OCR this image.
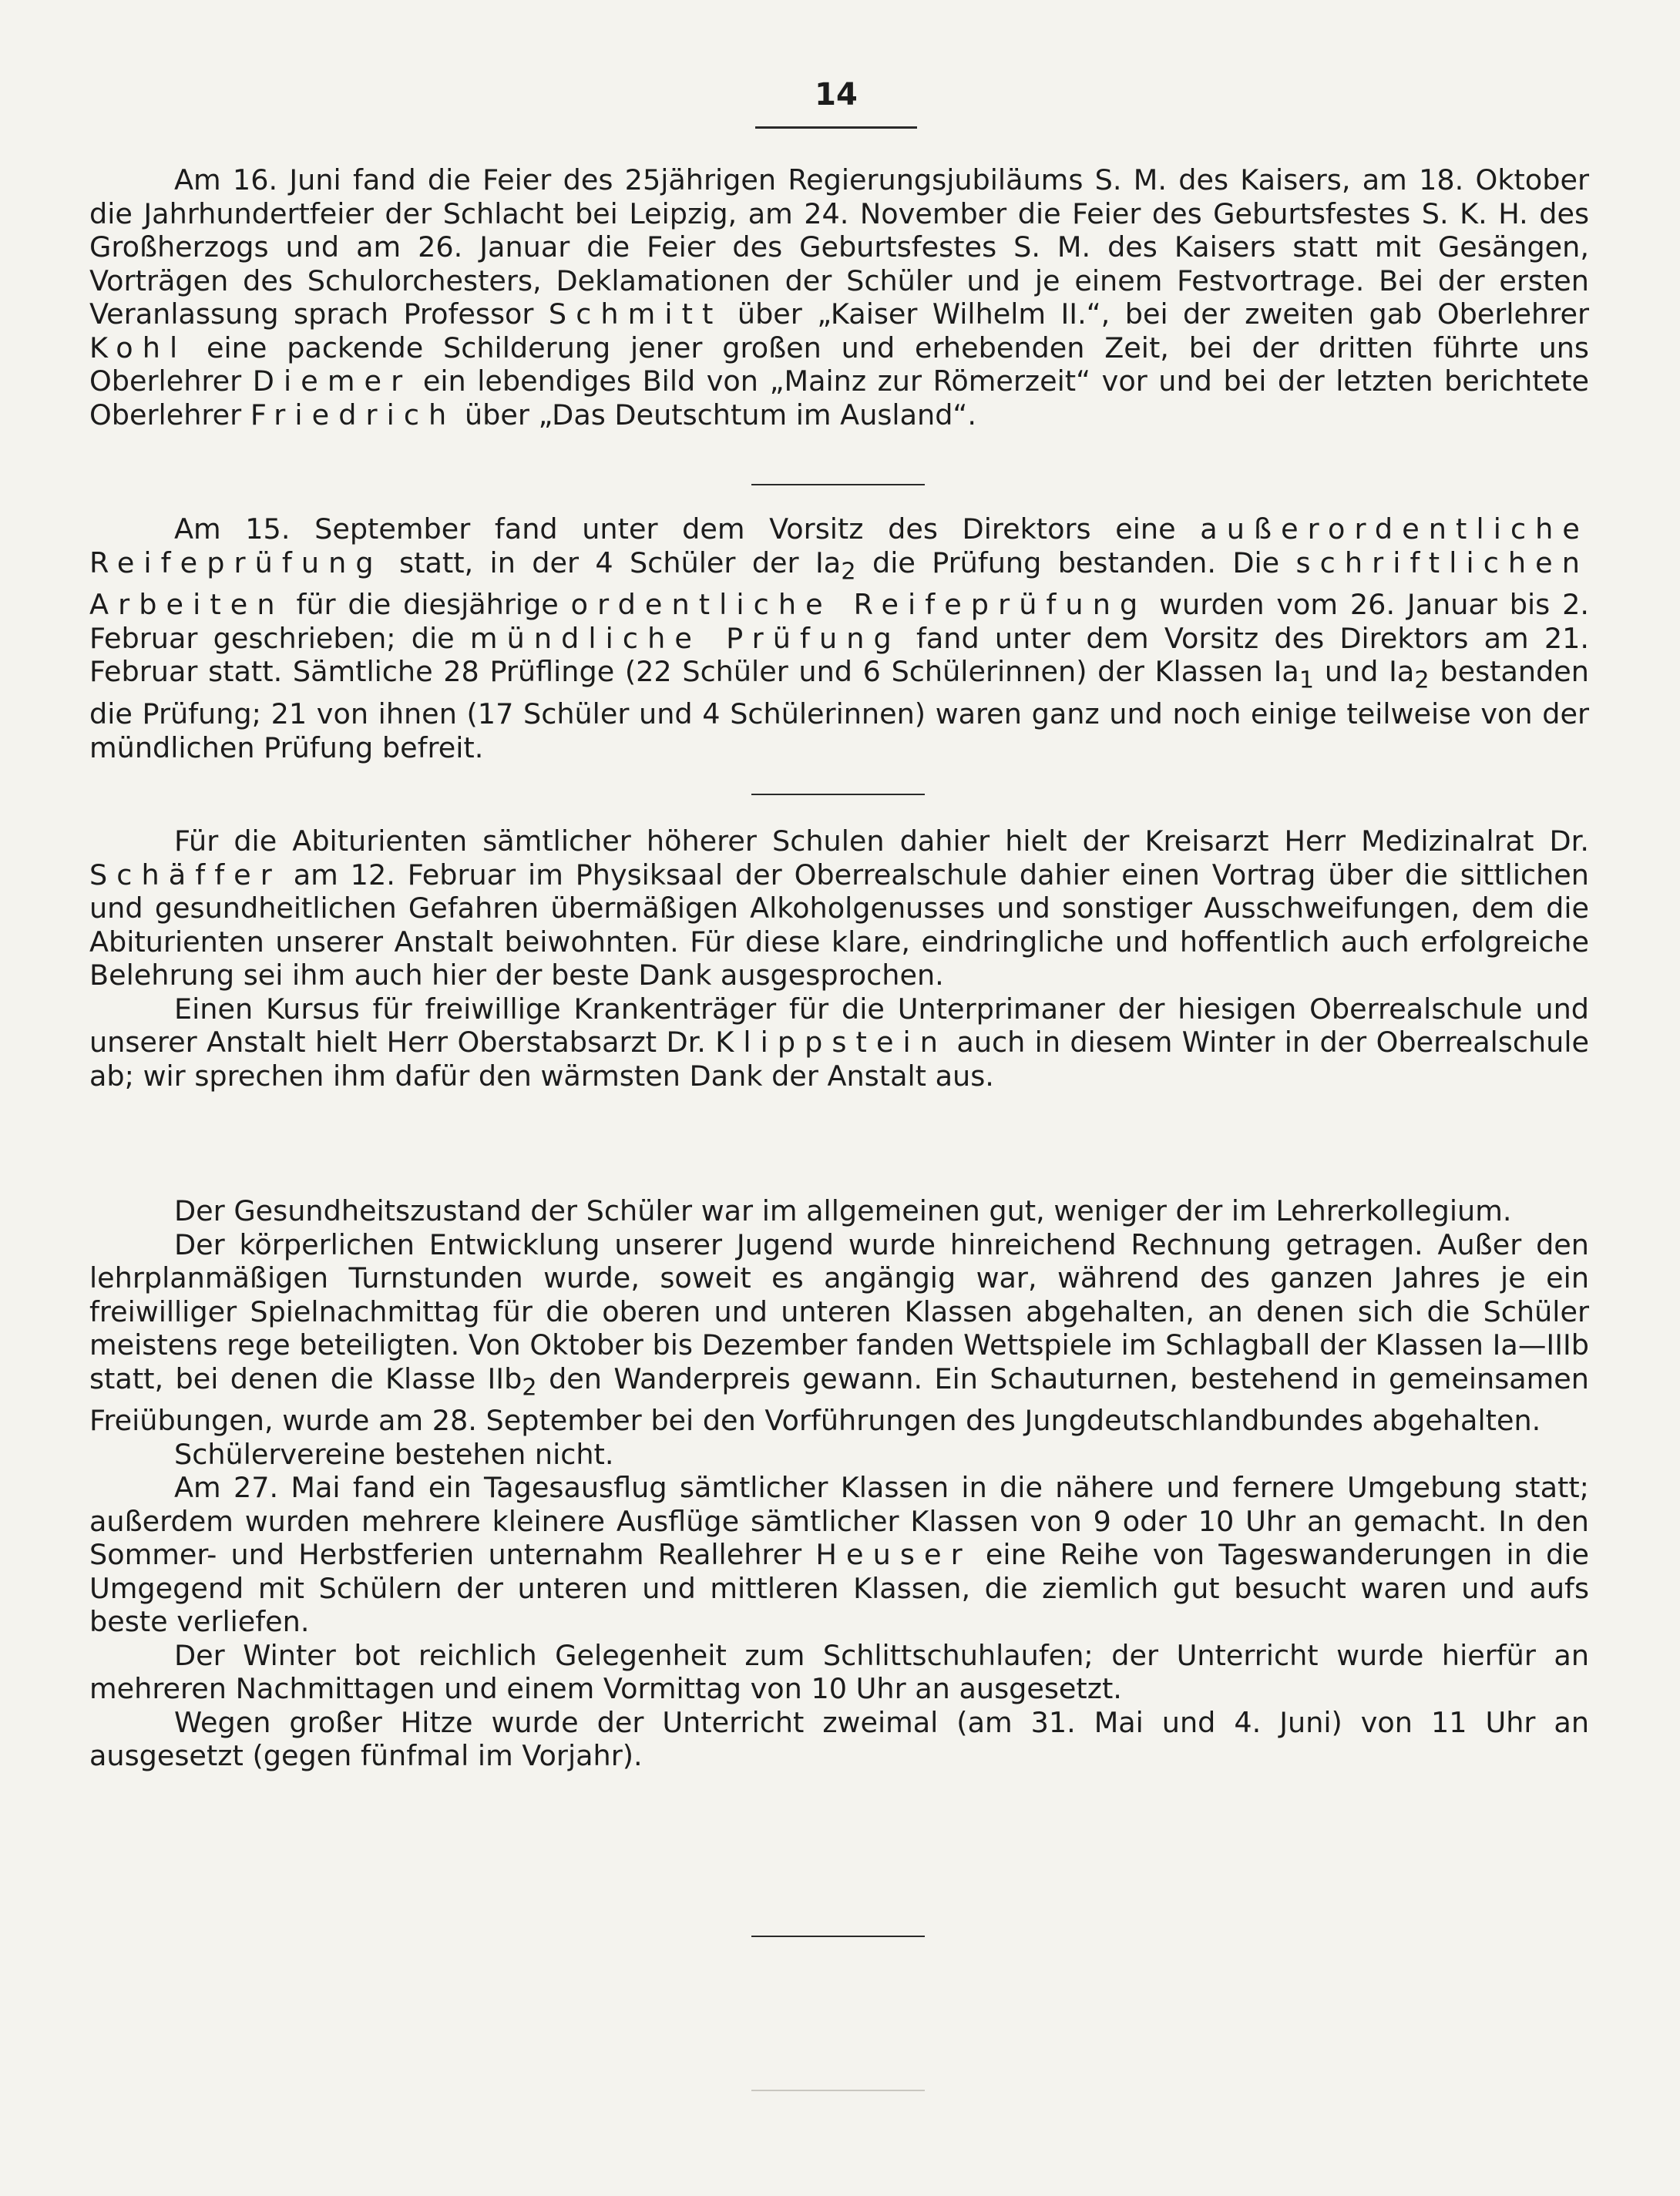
14

Am 16. Juni fand die Feier des 25jährigen Regierungsjubiläums S. M. des Kaisers, am 18. Oktober die Jahrhundertfeier der Schlacht bei Leipzig, am 24. November die Feier des Geburtsfestes S. K. H. des Großherzogs und am 26. Januar die Feier des Geburtsfestes S. M. des Kaisers statt mit Gesängen, Vorträgen des Schulorchesters, Deklamationen der Schüler und je einem Festvortrage. Bei der ersten Veranlassung sprach Professor Schmitt über „Kaiser Wilhelm II.“, bei der zweiten gab Oberlehrer Kohl eine packende Schilderung jener großen und erhebenden Zeit, bei der dritten führte uns Oberlehrer Diemer ein lebendiges Bild von „Mainz zur Römerzeit“ vor und bei der letzten berichtete Oberlehrer Friedrich über „Das Deutschtum im Ausland“.

Am 15. September fand unter dem Vorsitz des Direktors eine außerordentliche Reifeprüfung statt, in der 4 Schüler der $Ia_2$ die Prüfung bestanden. Die schriftlichen Arbeiten für die diesjährige ordentliche Reifeprüfung wurden vom 26. Januar bis 2. Februar geschrieben; die mündliche Prüfung fand unter dem Vorsitz des Direktors am 21. Februar statt. Sämtliche 28 Prüflinge (22 Schüler und 6 Schülerinnen) der Klassen $Ia_1$ und $Ia_2$ bestanden die Prüfung; 21 von ihnen (17 Schüler und 4 Schülerinnen) waren ganz und noch einige teilweise von der mündlichen Prüfung befreit.

Für die Abiturienten sämtlicher höherer Schulen dahier hielt der Kreisarzt Herr Medizinalrat Dr. Schäffer am 12. Februar im Physiksaal der Oberrealschule dahier einen Vortrag über die sittlichen und gesundheitlichen Gefahren übermäßigen Alkoholgenusses und sonstiger Ausschweifungen, dem die Abiturienten unserer Anstalt beiwohnten. Für diese klare, eindringliche und hoffentlich auch erfolgreiche Belehrung sei ihm auch hier der beste Dank ausgesprochen.

Einen Kursus für freiwillige Krankenträger für die Unterprimaner der hiesigen Oberrealschule und unserer Anstalt hielt Herr Oberstabsarzt Dr. Klippstein auch in diesem Winter in der Oberrealschule ab; wir sprechen ihm dafür den wärmsten Dank der Anstalt aus.

Der Gesundheitszustand der Schüler war im allgemeinen gut, weniger der im Lehrerkollegium.

Der körperlichen Entwicklung unserer Jugend wurde hinreichend Rechnung getragen. Außer den lehrplanmäßigen Turnstunden wurde, soweit es angängig war, während des ganzen Jahres je ein freiwilliger Spielnachmittag für die oberen und unteren Klassen abgehalten, an denen sich die Schüler meistens rege beteiligten. Von Oktober bis Dezember fanden Wettspiele im Schlagball der Klassen Ia—IIIb statt, bei denen die Klasse IIb$_2$ den Wanderpreis gewann. Ein Schauturnen, bestehend in gemeinsamen Freiübungen, wurde am 28. September bei den Vorführungen des Jungdeutschlandbundes abgehalten.

Schülervereine bestehen nicht.

Am 27. Mai fand ein Tagesausflug sämtlicher Klassen in die nähere und fernere Umgebung statt; außerdem wurden mehrere kleinere Ausflüge sämtlicher Klassen von 9 oder 10 Uhr an gemacht. In den Sommer- und Herbstferien unternahm Reallehrer Heuser eine Reihe von Tageswanderungen in die Umgegend mit Schülern der unteren und mittleren Klassen, die ziemlich gut besucht waren und aufs beste verliefen.

Der Winter bot reichlich Gelegenheit zum Schlittschuhlaufen; der Unterricht wurde hierfür an mehreren Nachmittagen und einem Vormittag von 10 Uhr an ausgesetzt.

Wegen großer Hitze wurde der Unterricht zweimal (am 31. Mai und 4. Juni) von 11 Uhr an ausgesetzt (gegen fünfmal im Vorjahr).
